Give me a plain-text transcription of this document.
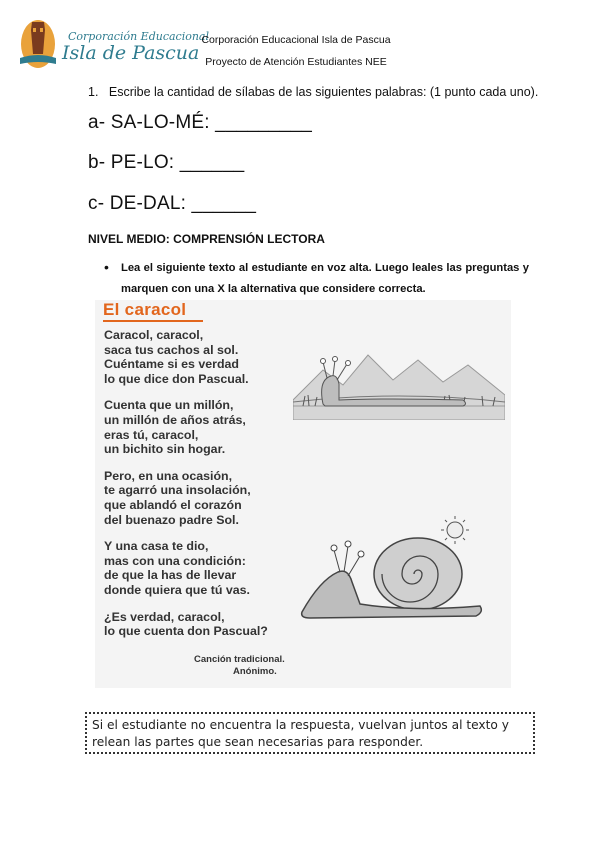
Corporación Educacional
Isla de Pascua
Corporación Educacional Isla de Pascua
Proyecto de Atención Estudiantes NEE
1. Escribe la cantidad de sílabas de las siguientes palabras: (1 punto cada uno).
a- SA-LO-MÉ: _________
b- PE-LO: ______
c- DE-DAL: ______
NIVEL MEDIO: COMPRENSIÓN LECTORA
• Lea el siguiente texto al estudiante en voz alta. Luego leales las preguntas y marquen con una X la alternativa que considere correcta.
El caracol
Caracol, caracol,
saca tus cachos al sol.
Cuéntame si es verdad
lo que dice don Pascual.
Cuenta que un millón,
un millón de años atrás,
eras tú, caracol,
un bichito sin hogar.
Pero, en una ocasión,
te agarró una insolación,
que ablandó el corazón
del buenazo padre Sol.
Y una casa te dio,
mas con una condición:
de que la has de llevar
donde quiera que tú vas.
¿Es verdad, caracol,
lo que cuenta don Pascual?
Canción tradicional.
Anónimo.
Si el estudiante no encuentra la respuesta, vuelvan juntos al texto y relean las partes que sean necesarias para responder.
